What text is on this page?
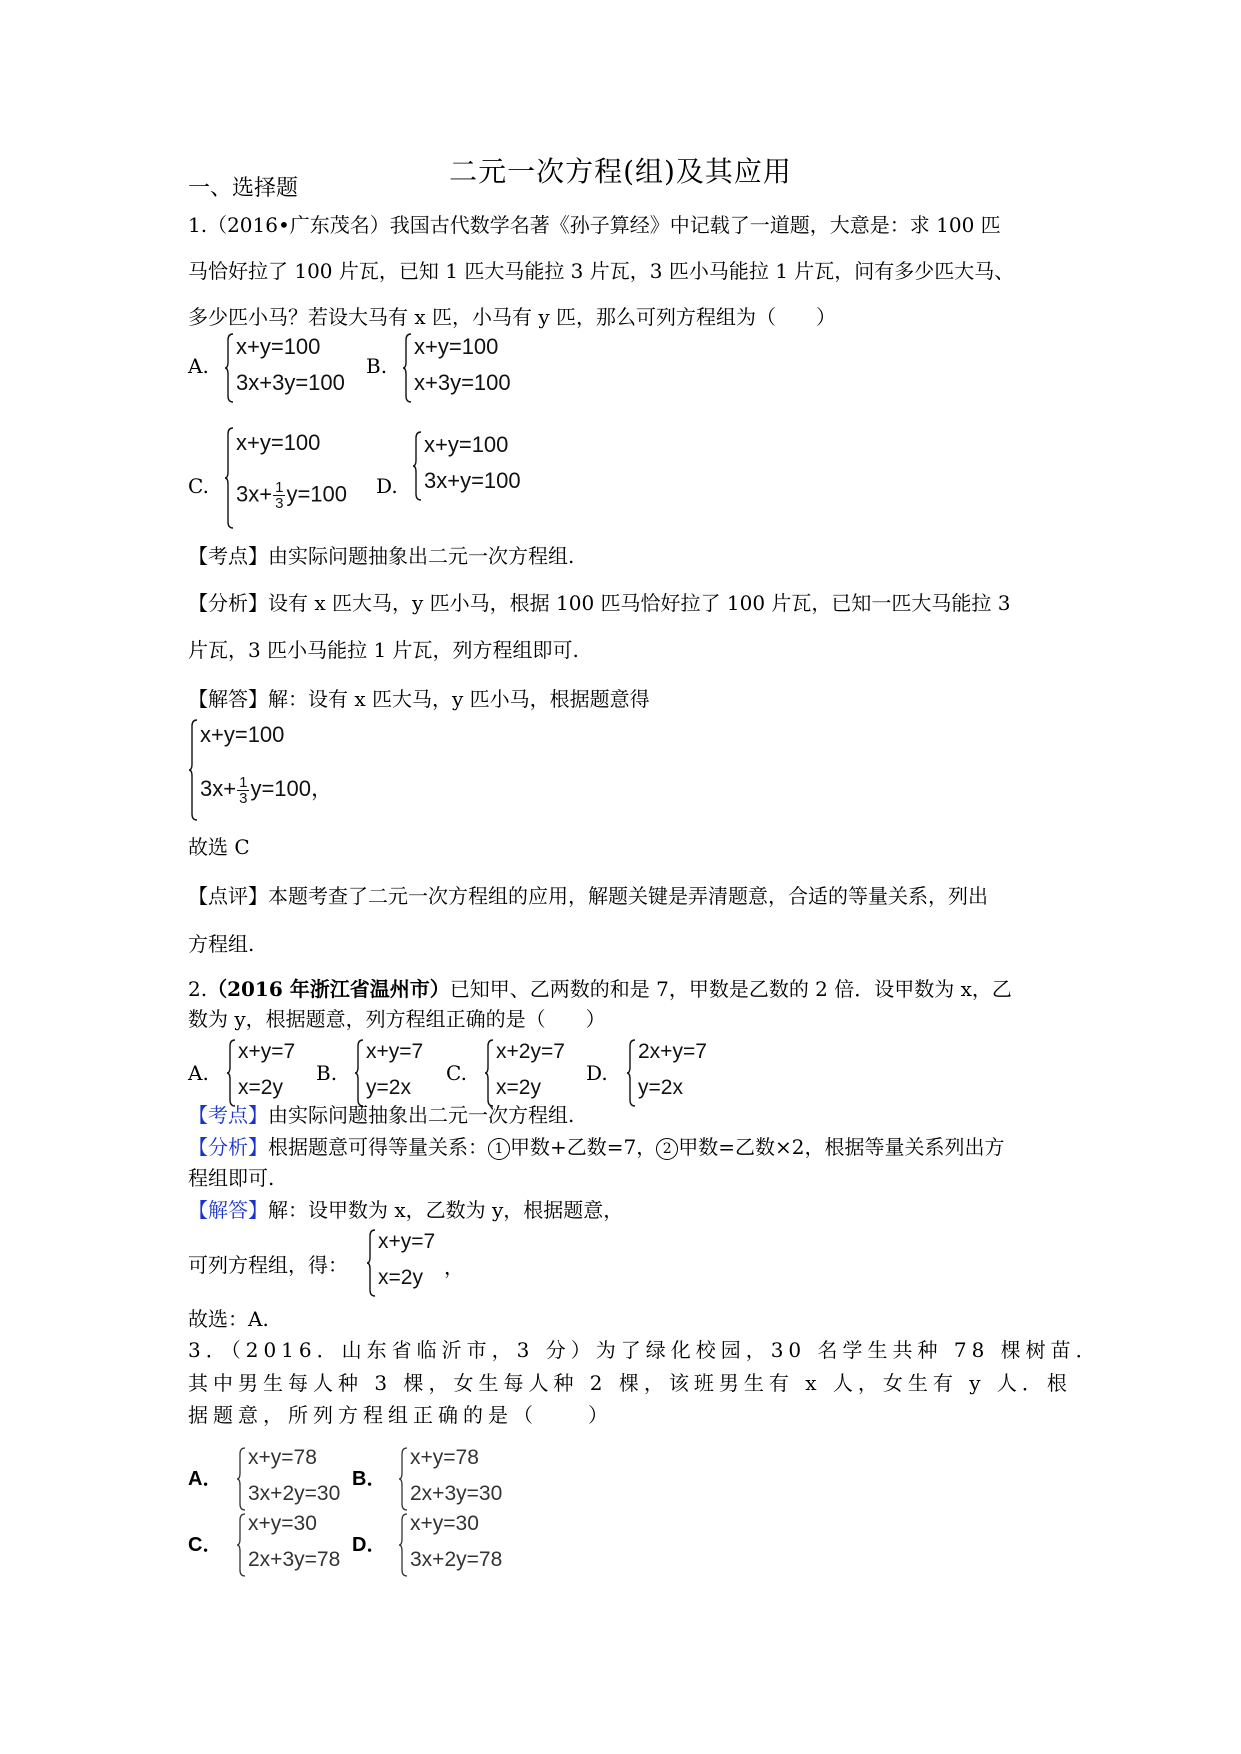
二元一次方程(组)及其应用
一、选择题
1.（2016•广东茂名）我国古代数学名著《孙子算经》中记载了一道题，大意是：求 100 匹
马恰好拉了 100 片瓦，已知 1 匹大马能拉 3 片瓦，3 匹小马能拉 1 片瓦，问有多少匹大马、
多少匹小马？若设大马有 x 匹，小马有 y 匹，那么可列方程组为（　　）
A.
x+y=100
3x+3y=100
B.
x+y=100
x+3y=100
C.
x+y=100
$3x+ \frac{1}{3} y=100$ D.
x+y=100
3x+y=100
【考点】由实际问题抽象出二元一次方程组.
【分析】设有 x 匹大马，y 匹小马，根据 100 匹马恰好拉了 100 片瓦，已知一匹大马能拉 3
片瓦，3 匹小马能拉 1 片瓦，列方程组即可.
【解答】解：设有 x 匹大马，y 匹小马，根据题意得
x+y=100
$3x+ \frac{1}{3} y=100$，
故选 C
【点评】本题考查了二元一次方程组的应用，解题关键是弄清题意，合适的等量关系，列出
方程组.
2.（2016 年浙江省温州市）已知甲、乙两数的和是 7，甲数是乙数的 2 倍．设甲数为 x，乙
数为 y，根据题意，列方程组正确的是（　　）
A.
x+y=7
x=2y
B.
x+y=7
y=2x
C.
x+2y=7
x=2y
D.
2x+y=7
y=2x
【考点】由实际问题抽象出二元一次方程组.
【分析】根据题意可得等量关系： 1 甲数+乙数=7， 2 甲数=乙数×2，根据等量关系列出方
程组即可.
【解答】解：设甲数为 x，乙数为 y，根据题意，
可列方程组，得：
x+y=7
x=2y ，
故选：A.
3．（2016．山东省临沂市，3 分）为了绿化校园，30 名学生共种 78 棵树苗．
其中男生每人种 3 棵，女生每人种 2 棵，该班男生有 x 人，女生有 y 人．根
据题意，所列方程组正确的是（　　）
A．
x+y=78
3x+2y=30
B．
x+y=78
2x+3y=30
C．
x+y=30
2x+3y=78
D．
x+y=30
3x+2y=78
